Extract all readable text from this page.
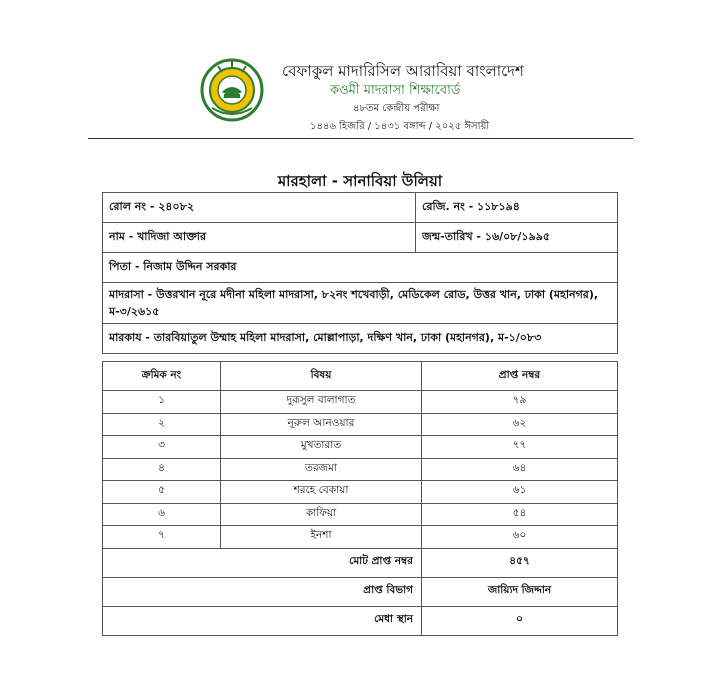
বেফাকুল মাদারিসিল আরাবিয়া বাংলাদেশ
কওমী মাদরাসা শিক্ষাবোর্ড
৪৮তম কেন্দ্রীয় পরীক্ষা
১৪৪৬ হিজরি / ১৪৩১ বঙ্গাব্দ / ২০২৫ ঈসায়ী
মারহালা - সানাবিয়া উলিয়া
রোল নং - ২৪০৮২	রেজি. নং - ১১৮১৯৪
নাম - খাদিজা আক্তার	জন্ম-তারিখ - ১৬/০৮/১৯৯৫
পিতা - নিজাম উদ্দিন সরকার	
মাদরাসা - উত্তরখান নূরে মদীনা মহিলা মাদরাসা, ৮২নং শখেবাড়ী, মেডিকেল রোড, উত্তর খান, ঢাকা (মহানগর), ম-৩/২৬১৫	
মারকায - তারবিয়াতুল উম্মাহ মহিলা মাদরাসা, মোল্লাপাড়া, দক্ষিণ খান, ঢাকা (মহানগর), ম-১/০৮৩	
ক্রমিক নং	বিষয়	প্রাপ্ত নম্বর
১	দুরূসুল বালাগাত	৭৯
২	নূরুল আনওয়ার	৬২
৩	মুখতারাত	৭৭
৪	তরজমা	৬৪
৫	শরহে বেকায়া	৬১
৬	কাফিয়া	৫৪
৭	ইনশা	৬০
মোট প্রাপ্ত নম্বর		৪৫৭
প্রাপ্ত বিভাগ		জায়্যিদ জিদ্দান
মেধা স্থান		০
